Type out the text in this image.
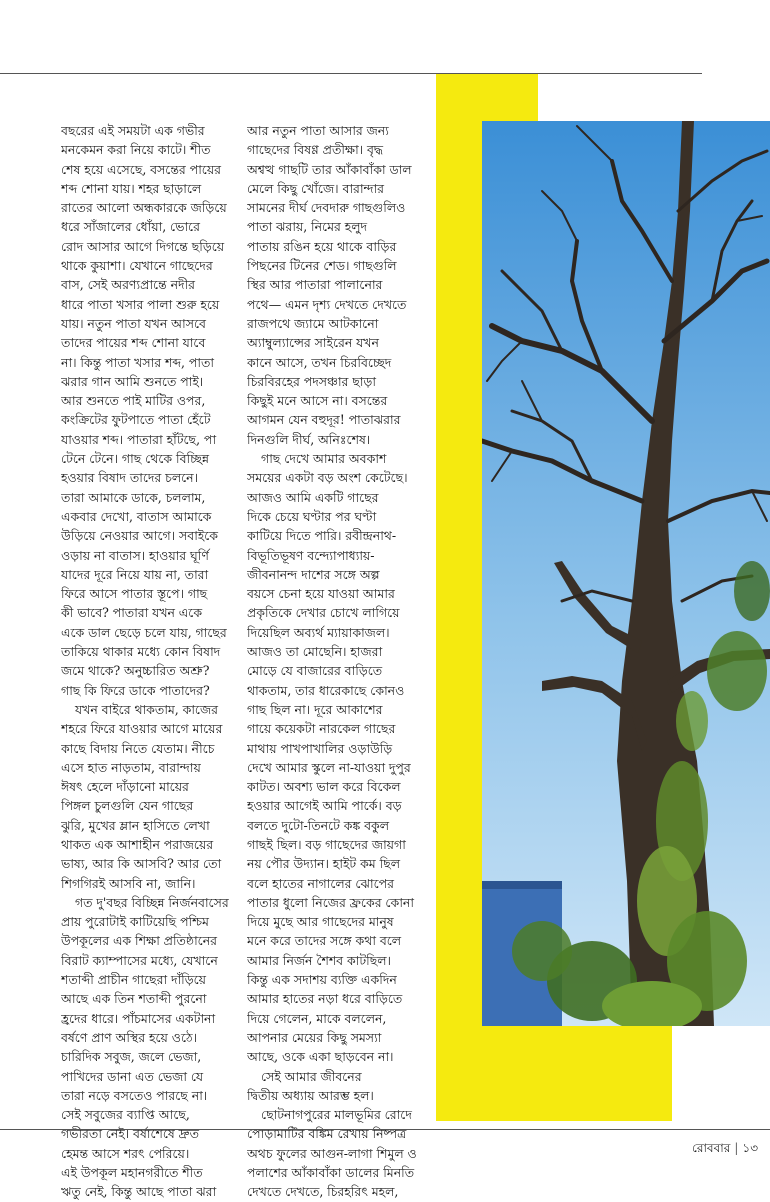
বছরের এই সময়টা এক গভীর

মনকেমন করা নিয়ে কাটে। শীত

শেষ হয়ে এসেছে, বসন্তের পায়ের

শব্দ শোনা যায়। শহর ছাড়ালে

রাতের আলো অন্ধকারকে জড়িয়ে

ধরে সাঁজালের ধোঁয়া, ভোরে

রোদ আসার আগে দিগন্তে ছড়িয়ে

থাকে কুয়াশা। যেখানে গাছেদের

বাস, সেই অরণ্যপ্রান্তে নদীর

ধারে পাতা খসার পালা শুরু হয়ে

যায়। নতুন পাতা যখন আসবে

তাদের পায়ের শব্দ শোনা যাবে

না। কিন্তু পাতা খসার শব্দ, পাতা

ঝরার গান আমি শুনতে পাই।

আর শুনতে পাই মাটির ওপর,

কংক্রিটের ফুটপাতে পাতা হেঁটে

যাওয়ার শব্দ। পাতারা হাঁটছে, পা

টেনে টেনে। গাছ থেকে বিচ্ছিন্ন

হওয়ার বিষাদ তাদের চলনে।

তারা আমাকে ডাকে, চললাম,

একবার দেখো, বাতাস আমাকে

উড়িয়ে নেওয়ার আগে। সবাইকে

ওড়ায় না বাতাস। হাওয়ার ঘূর্ণি

যাদের দূরে নিয়ে যায় না, তারা

ফিরে আসে পাতার স্তূপে। গাছ

কী ভাবে? পাতারা যখন একে

একে ডাল ছেড়ে চলে যায়, গাছের

তাকিয়ে থাকার মধ্যে কোন বিষাদ

জমে থাকে? অনুচ্চারিত অশ্রু?

গাছ কি ফিরে ডাকে পাতাদের?

যখন বাইরে থাকতাম, কাজের

শহরে ফিরে যাওয়ার আগে মায়ের

কাছে বিদায় নিতে যেতাম। নীচে

এসে হাত নাড়তাম, বারান্দায়

ঈষৎ হেলে দাঁড়ানো মায়ের

পিঙ্গল চুলগুলি যেন গাছের

ঝুরি, মুখের ম্লান হাসিতে লেখা

থাকত এক আশাহীন পরাজয়ের

ভাষ্য, আর কি আসবি? আর তো

শিগগিরই আসবি না, জানি।

গত দু'বছর বিচ্ছিন্ন নির্জনবাসের

প্রায় পুরোটাই কাটিয়েছি পশ্চিম

উপকূলের এক শিক্ষা প্রতিষ্ঠানের

বিরাট ক্যাম্পাসের মধ্যে, যেখানে

শতাব্দী প্রাচীন গাছেরা দাঁড়িয়ে

আছে এক তিন শতাব্দী পুরনো

হ্রদের ধারে। পাঁচমাসের একটানা

বর্ষণে প্রাণ অস্থির হয়ে ওঠে।

চারিদিক সবুজ, জলে ভেজা,

পাখিদের ডানা এত ভেজা যে

তারা নড়ে বসতেও পারছে না।

সেই সবুজের ব্যাপ্তি আছে,

গভীরতা নেই। বর্ষাশেষে দ্রুত

হেমন্ত আসে শরৎ পেরিয়ে।

এই উপকূল মহানগরীতে শীত

ঋতু নেই, কিন্তু আছে পাতা ঝরা

আর নতুন পাতা আসার জন্য

গাছেদের বিষণ্ণ প্রতীক্ষা। বৃদ্ধ

অশ্বত্থ গাছটি তার আঁকাবাঁকা ডাল

মেলে কিছু খোঁজে। বারান্দার

সামনের দীর্ঘ দেবদারু গাছগুলিও

পাতা ঝরায়, নিমের হলুদ

পাতায় রঙিন হয়ে থাকে বাড়ির

পিছনের টিনের শেড। গাছগুলি

স্থির আর পাতারা পালানোর

পথে— এমন দৃশ্য দেখতে দেখতে

রাজপথে জ্যামে আটকানো

অ্যাম্বুল্যান্সের সাইরেন যখন

কানে আসে, তখন চিরবিচ্ছেদ

চিরবিরহের পদসঞ্চার ছাড়া

কিছুই মনে আসে না। বসন্তের

আগমন যেন বহুদূর! পাতাঝরার

দিনগুলি দীর্ঘ, অনিঃশেষ।

গাছ দেখে আমার অবকাশ

সময়ের একটা বড় অংশ কেটেছে।

আজও আমি একটি গাছের

দিকে চেয়ে ঘণ্টার পর ঘণ্টা

কাটিয়ে দিতে পারি। রবীন্দ্রনাথ-

বিভূতিভূষণ বন্দ্যোপাধ্যায়-

জীবনানন্দ দাশের সঙ্গে অল্প

বয়সে চেনা হয়ে যাওয়া আমার

প্রকৃতিকে দেখার চোখে লাগিয়ে

দিয়েছিল অব্যর্থ ম্যায়াকাজল।

আজও তা মোছেনি। হাজরা

মোড়ে যে বাজারের বাড়িতে

থাকতাম, তার ধারেকাছে কোনও

গাছ ছিল না। দূরে আকাশের

গায়ে কয়েকটা নারকেল গাছের

মাথায় পাখপাখালির ওড়াউড়ি

দেখে আমার স্কুলে না-যাওয়া দুপুর

কাটত। অবশ্য ভাল করে বিকেল

হওয়ার আগেই আমি পার্কে। বড়

বলতে দুটো-তিনটে কঙ্ক বকুল

গাছই ছিল। বড় গাছেদের জায়গা

নয় পৌর উদ্যান। হাইট কম ছিল

বলে হাতের নাগালের ঝোপের

পাতার ধুলো নিজের ফ্রকের কোনা

দিয়ে মুছে আর গাছেদের মানুষ

মনে করে তাদের সঙ্গে কথা বলে

আমার নির্জন শৈশব কাটছিল।

কিন্তু এক সদাশয় ব্যক্তি একদিন

আমার হাতের নড়া ধরে বাড়িতে

দিয়ে গেলেন, মাকে বললেন,

আপনার মেয়ের কিছু সমস্যা

আছে, ওকে একা ছাড়বেন না।

সেই আমার জীবনের

দ্বিতীয় অধ্যায় আরম্ভ হল।

ছোটনাগপুরের মালভূমির রোদে

পোড়ামাটির বঙ্কিম রেখায় নিষ্পত্র

অথচ ফুলের আগুন-লাগা শিমুল ও

পলাশের আঁকাবাঁকা ডালের মিনতি

দেখতে দেখতে, চিরহরিৎ মহল,

রোববার | ১৩
